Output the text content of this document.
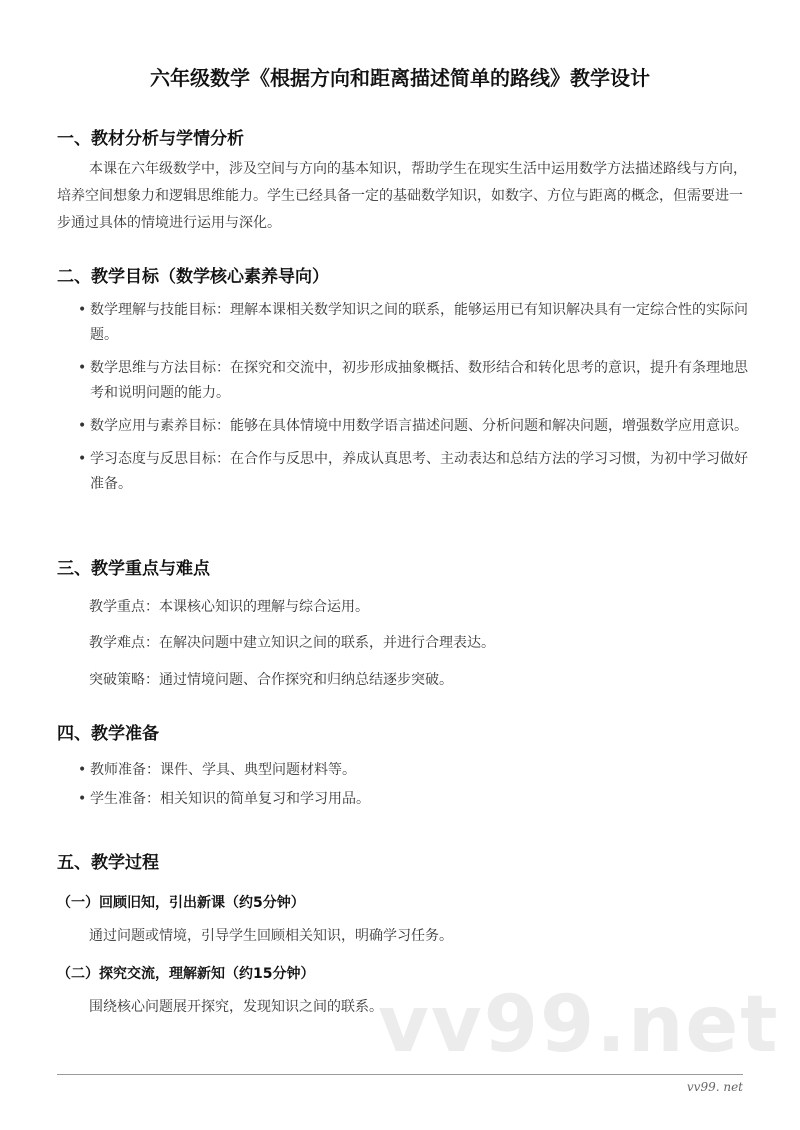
六年级数学《根据方向和距离描述简单的路线》教学设计
一、教材分析与学情分析
本课在六年级数学中，涉及空间与方向的基本知识，帮助学生在现实生活中运用数学方法描述路线与方向，培养空间想象力和逻辑思维能力。学生已经具备一定的基础数学知识，如数字、方位与距离的概念，但需要进一步通过具体的情境进行运用与深化。
二、教学目标（数学核心素养导向）
• 数学理解与技能目标：理解本课相关数学知识之间的联系，能够运用已有知识解决具有一定综合性的实际问题。
• 数学思维与方法目标：在探究和交流中，初步形成抽象概括、数形结合和转化思考的意识，提升有条理地思考和说明问题的能力。
• 数学应用与素养目标：能够在具体情境中用数学语言描述问题、分析问题和解决问题，增强数学应用意识。
• 学习态度与反思目标：在合作与反思中，养成认真思考、主动表达和总结方法的学习习惯，为初中学习做好准备。
三、教学重点与难点
教学重点：本课核心知识的理解与综合运用。
教学难点：在解决问题中建立知识之间的联系，并进行合理表达。
突破策略：通过情境问题、合作探究和归纳总结逐步突破。
四、教学准备
• 教师准备：课件、学具、典型问题材料等。
• 学生准备：相关知识的简单复习和学习用品。
五、教学过程
（一）回顾旧知，引出新课（约5分钟）
通过问题或情境，引导学生回顾相关知识，明确学习任务。
（二）探究交流，理解新知（约15分钟）
围绕核心问题展开探究，发现知识之间的联系。
vv99.net
vv99. net
